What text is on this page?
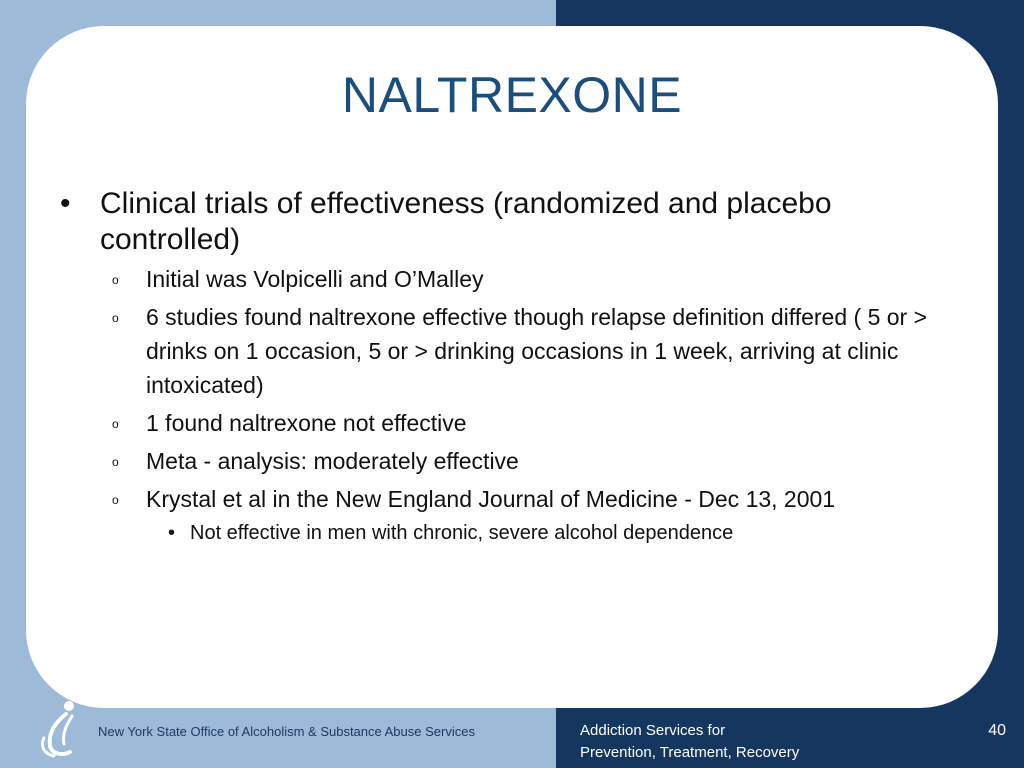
NALTREXONE
• Clinical trials of effectiveness (randomized and placebo controlled)
o Initial was Volpicelli and O’Malley
o 6 studies found naltrexone effective though relapse definition differed ( 5 or > drinks on 1 occasion, 5 or > drinking occasions in 1 week, arriving at clinic intoxicated)
o 1 found naltrexone not effective
o Meta - analysis: moderately effective
o Krystal et al in the New England Journal of Medicine - Dec 13, 2001
• Not effective in men with chronic, severe alcohol dependence
New York State Office of Alcoholism & Substance Abuse Services	Addiction Services for
Prevention, Treatment, Recovery
40
